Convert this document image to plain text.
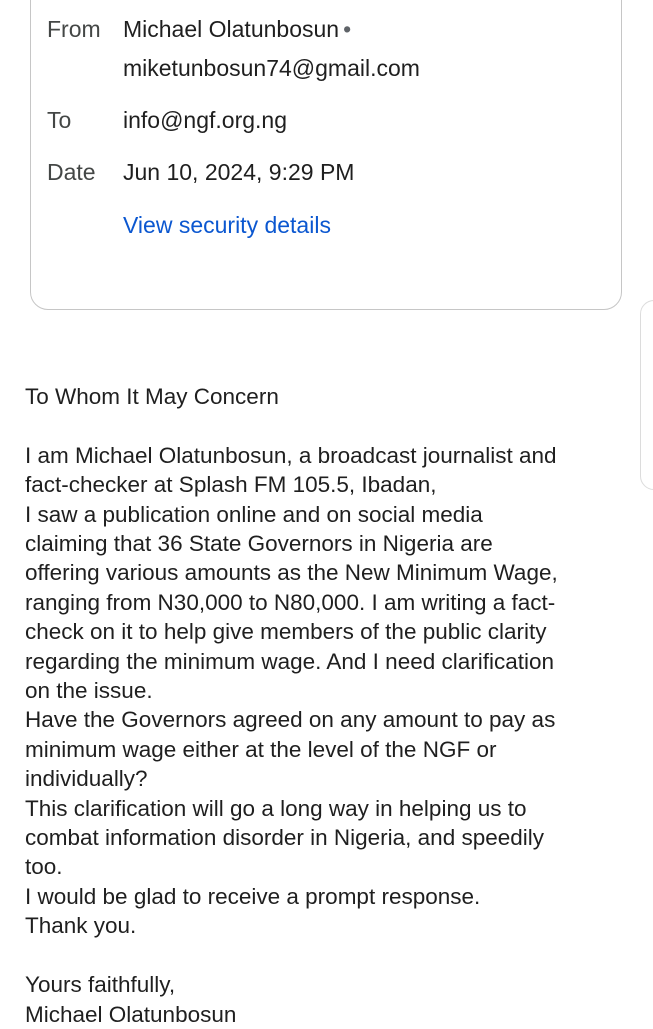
From Michael Olatunbosun •
miketunbosun74@gmail.com
To info@ngf.org.ng
Date Jun 10, 2024, 9:29 PM
View security details
To Whom It May Concern
I am Michael Olatunbosun, a broadcast journalist and
fact-checker at Splash FM 105.5, Ibadan,
I saw a publication online and on social media
claiming that 36 State Governors in Nigeria are
offering various amounts as the New Minimum Wage,
ranging from N30,000 to N80,000. I am writing a fact-
check on it to help give members of the public clarity
regarding the minimum wage. And I need clarification
on the issue.
Have the Governors agreed on any amount to pay as
minimum wage either at the level of the NGF or
individually?
This clarification will go a long way in helping us to
combat information disorder in Nigeria, and speedily
too.
I would be glad to receive a prompt response.
Thank you.
Yours faithfully,
Michael Olatunbosun
